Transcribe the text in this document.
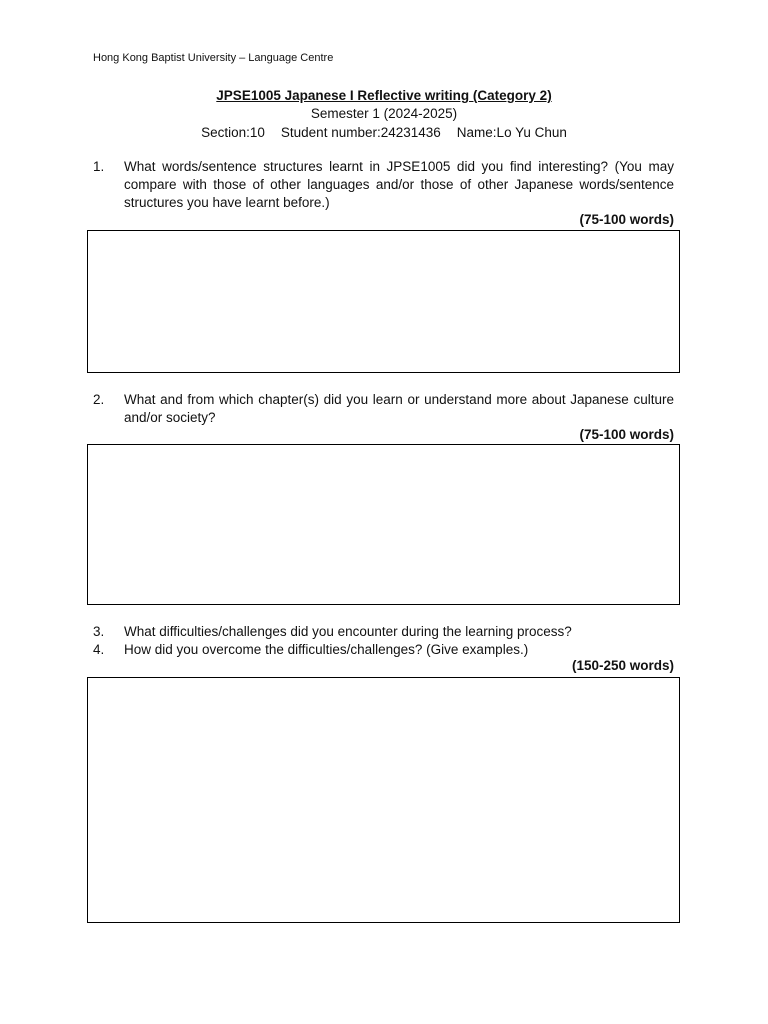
Hong Kong Baptist University – Language Centre
JPSE1005 Japanese I Reflective writing (Category 2)
Semester 1 (2024-2025)
Section:10 Student number:24231436 Name:Lo Yu Chun
1. What words/sentence structures learnt in JPSE1005 did you find interesting? (You may compare with those of other languages and/or those of other Japanese words/sentence structures you have learnt before.)
(75-100 words)
2. What and from which chapter(s) did you learn or understand more about Japanese culture and/or society?
(75-100 words)
3. What difficulties/challenges did you encounter during the learning process?
4. How did you overcome the difficulties/challenges? (Give examples.)
(150-250 words)
